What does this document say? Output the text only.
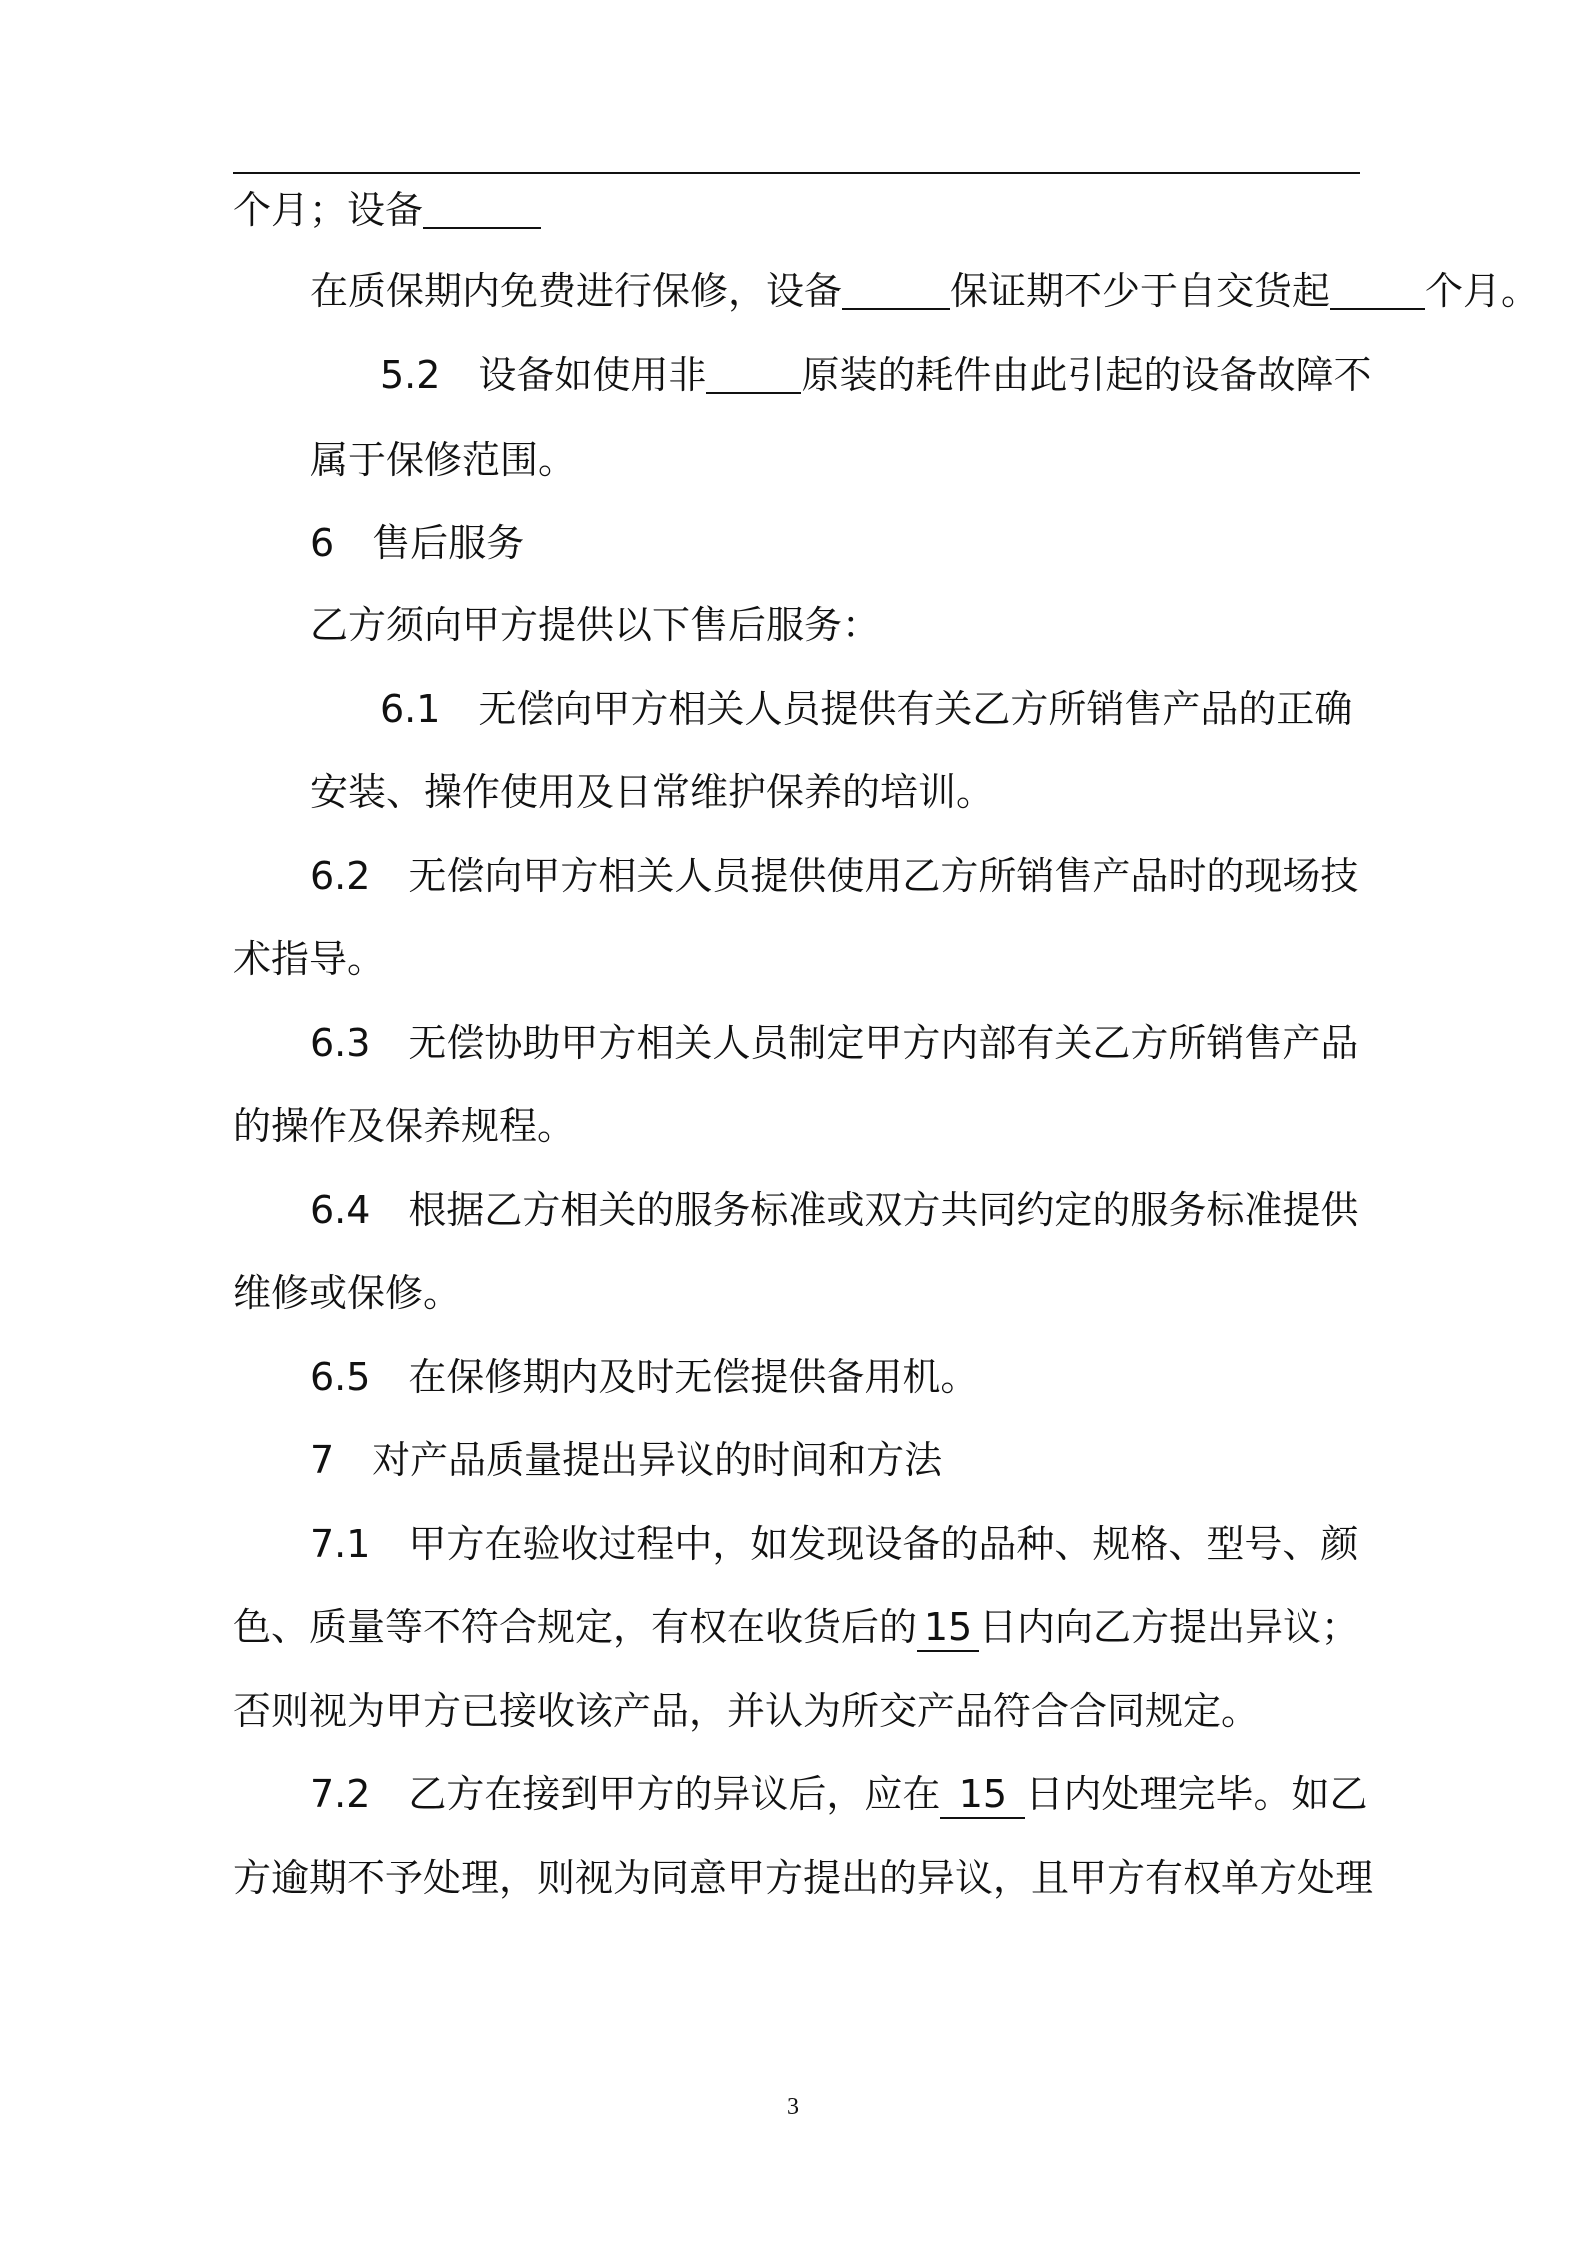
个月；设备
在质保期内免费进行保修，设备	保证期不少于自交货起	个月。
5.2　设备如使用非	原装的耗件由此引起的设备故障不
属于保修范围。
6　售后服务
乙方须向甲方提供以下售后服务：
6.1　无偿向甲方相关人员提供有关乙方所销售产品的正确
安装、操作使用及日常维护保养的培训。
6.2　无偿向甲方相关人员提供使用乙方所销售产品时的现场技
术指导。
6.3　无偿协助甲方相关人员制定甲方内部有关乙方所销售产品
的操作及保养规程。
6.4　根据乙方相关的服务标准或双方共同约定的服务标准提供
维修或保修。
6.5　在保修期内及时无偿提供备用机。
7　对产品质量提出异议的时间和方法
7.1　甲方在验收过程中，如发现设备的品种、规格、型号、颜
色、质量等不符合规定，有权在收货后的 15 日内向乙方提出异议；
否则视为甲方已接收该产品，并认为所交产品符合合同规定。
7.2　乙方在接到甲方的异议后，应在 15 日内处理完毕。如乙
方逾期不予处理，则视为同意甲方提出的异议，且甲方有权单方处理
3
